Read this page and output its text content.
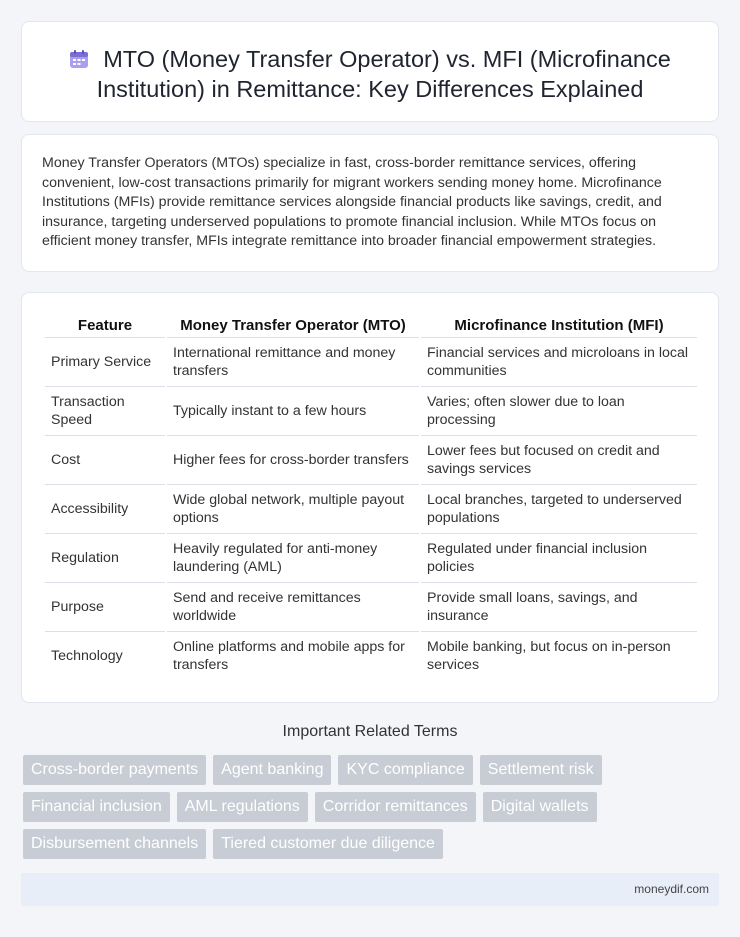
MTO (Money Transfer Operator) vs. MFI (Microfinance Institution) in Remittance: Key Differences Explained
Money Transfer Operators (MTOs) specialize in fast, cross-border remittance services, offering convenient, low-cost transactions primarily for migrant workers sending money home. Microfinance Institutions (MFIs) provide remittance services alongside financial products like savings, credit, and insurance, targeting underserved populations to promote financial inclusion. While MTOs focus on efficient money transfer, MFIs integrate remittance into broader financial empowerment strategies.
Feature	Money Transfer Operator (MTO)	Microfinance Institution (MFI)
Primary Service	International remittance and money transfers	Financial services and microloans in local communities
Transaction Speed	Typically instant to a few hours	Varies; often slower due to loan processing
Cost	Higher fees for cross-border transfers	Lower fees but focused on credit and savings services
Accessibility	Wide global network, multiple payout options	Local branches, targeted to underserved populations
Regulation	Heavily regulated for anti-money laundering (AML)	Regulated under financial inclusion policies
Purpose	Send and receive remittances worldwide	Provide small loans, savings, and insurance
Technology	Online platforms and mobile apps for transfers	Mobile banking, but focus on in-person services
Important Related Terms
Cross-border payments	Agent banking	KYC compliance	Settlement risk
Financial inclusion	AML regulations	Corridor remittances	Digital wallets
Disbursement channels	Tiered customer due diligence
moneydif.com
